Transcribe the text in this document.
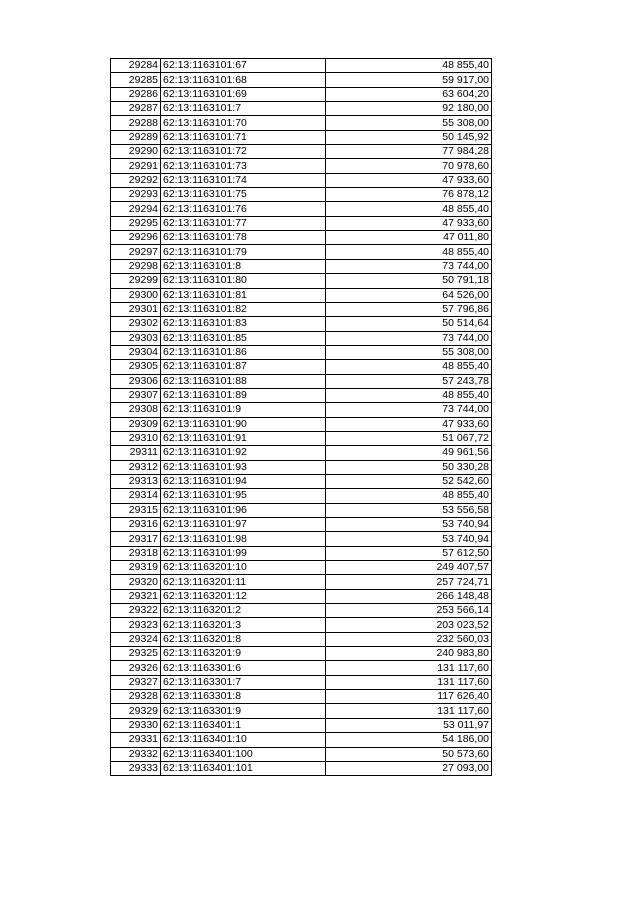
29284	62:13:1163101:67	48 855,40
29285	62:13:1163101:68	59 917,00
29286	62:13:1163101:69	63 604,20
29287	62:13:1163101:7	92 180,00
29288	62:13:1163101:70	55 308,00
29289	62:13:1163101:71	50 145,92
29290	62:13:1163101:72	77 984,28
29291	62:13:1163101:73	70 978,60
29292	62:13:1163101:74	47 933,60
29293	62:13:1163101:75	76 878,12
29294	62:13:1163101:76	48 855,40
29295	62:13:1163101:77	47 933,60
29296	62:13:1163101:78	47 011,80
29297	62:13:1163101:79	48 855,40
29298	62:13:1163101:8	73 744,00
29299	62:13:1163101:80	50 791,18
29300	62:13:1163101:81	64 526,00
29301	62:13:1163101:82	57 796,86
29302	62:13:1163101:83	50 514,64
29303	62:13:1163101:85	73 744,00
29304	62:13:1163101:86	55 308,00
29305	62:13:1163101:87	48 855,40
29306	62:13:1163101:88	57 243,78
29307	62:13:1163101:89	48 855,40
29308	62:13:1163101:9	73 744,00
29309	62:13:1163101:90	47 933,60
29310	62:13:1163101:91	51 067,72
29311	62:13:1163101:92	49 961,56
29312	62:13:1163101:93	50 330,28
29313	62:13:1163101:94	52 542,60
29314	62:13:1163101:95	48 855,40
29315	62:13:1163101:96	53 556,58
29316	62:13:1163101:97	53 740,94
29317	62:13:1163101:98	53 740,94
29318	62:13:1163101:99	57 612,50
29319	62:13:1163201:10	249 407,57
29320	62:13:1163201:11	257 724,71
29321	62:13:1163201:12	266 148,48
29322	62:13:1163201:2	253 566,14
29323	62:13:1163201:3	203 023,52
29324	62:13:1163201:8	232 560,03
29325	62:13:1163201:9	240 983,80
29326	62:13:1163301:6	131 117,60
29327	62:13:1163301:7	131 117,60
29328	62:13:1163301:8	117 626,40
29329	62:13:1163301:9	131 117,60
29330	62:13:1163401:1	53 011,97
29331	62:13:1163401:10	54 186,00
29332	62:13:1163401:100	50 573,60
29333	62:13:1163401:101	27 093,00
